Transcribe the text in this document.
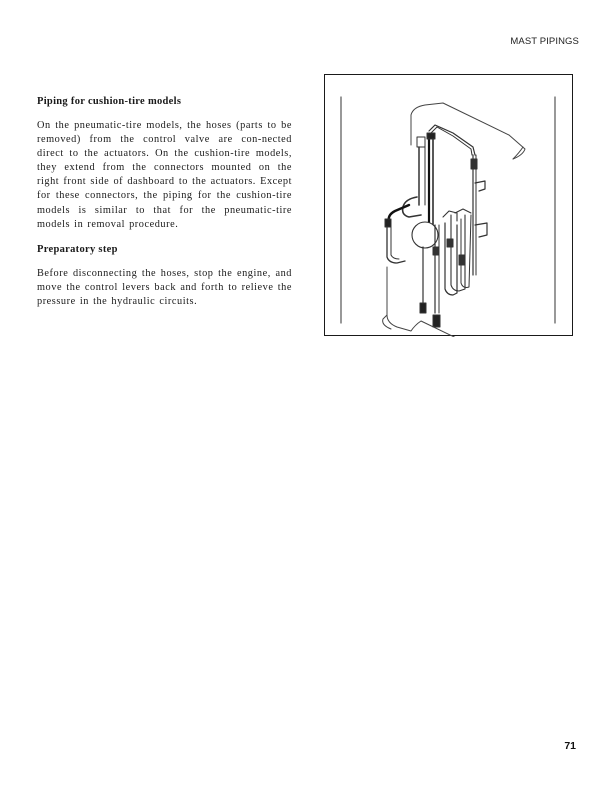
MAST PIPINGS
Piping for cushion-tire models

On the pneumatic-tire models, the hoses (parts to be removed) from the control valve are con-nected direct to the actuators. On the cushion-tire models, they extend from the connectors mounted on the right front side of dashboard to the actuators. Except for these connectors, the piping for the cushion-tire models is similar to that for the pneumatic-tire models in removal procedure.

Preparatory step

Before disconnecting the hoses, stop the engine, and move the control levers back and forth to relieve the pressure in the hydraulic circuits.

71
